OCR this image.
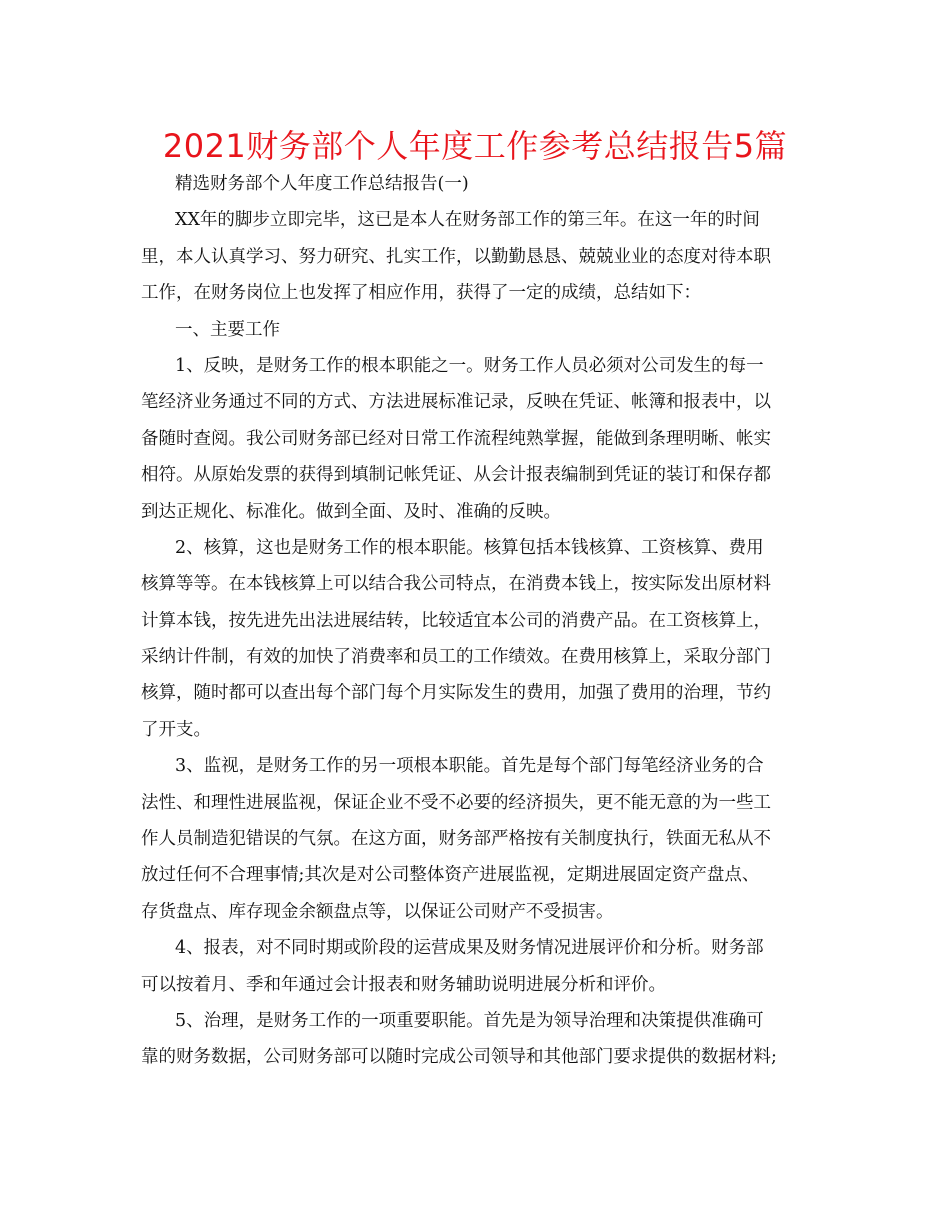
2021财务部个人年度工作参考总结报告5篇
精选财务部个人年度工作总结报告(一)
XX年的脚步立即完毕，这已是本人在财务部工作的第三年。在这一年的时间
里，本人认真学习、努力研究、扎实工作，以勤勤恳恳、兢兢业业的态度对待本职
工作，在财务岗位上也发挥了相应作用，获得了一定的成绩，总结如下：
一、主要工作
1、反映，是财务工作的根本职能之一。财务工作人员必须对公司发生的每一
笔经济业务通过不同的方式、方法进展标准记录，反映在凭证、帐簿和报表中，以
备随时查阅。我公司财务部已经对日常工作流程纯熟掌握，能做到条理明晰、帐实
相符。从原始发票的获得到填制记帐凭证、从会计报表编制到凭证的装订和保存都
到达正规化、标准化。做到全面、及时、准确的反映。
2、核算，这也是财务工作的根本职能。核算包括本钱核算、工资核算、费用
核算等等。在本钱核算上可以结合我公司特点，在消费本钱上，按实际发出原材料
计算本钱，按先进先出法进展结转，比较适宜本公司的消费产品。在工资核算上，
采纳计件制，有效的加快了消费率和员工的工作绩效。在费用核算上，采取分部门
核算，随时都可以查出每个部门每个月实际发生的费用，加强了费用的治理，节约
了开支。
3、监视，是财务工作的另一项根本职能。首先是每个部门每笔经济业务的合
法性、和理性进展监视，保证企业不受不必要的经济损失，更不能无意的为一些工
作人员制造犯错误的气氛。在这方面，财务部严格按有关制度执行，铁面无私从不
放过任何不合理事情;其次是对公司整体资产进展监视，定期进展固定资产盘点、
存货盘点、库存现金余额盘点等，以保证公司财产不受损害。
4、报表，对不同时期或阶段的运营成果及财务情况进展评价和分析。财务部
可以按着月、季和年通过会计报表和财务辅助说明进展分析和评价。
5、治理，是财务工作的一项重要职能。首先是为领导治理和决策提供准确可
靠的财务数据，公司财务部可以随时完成公司领导和其他部门要求提供的数据材料;
